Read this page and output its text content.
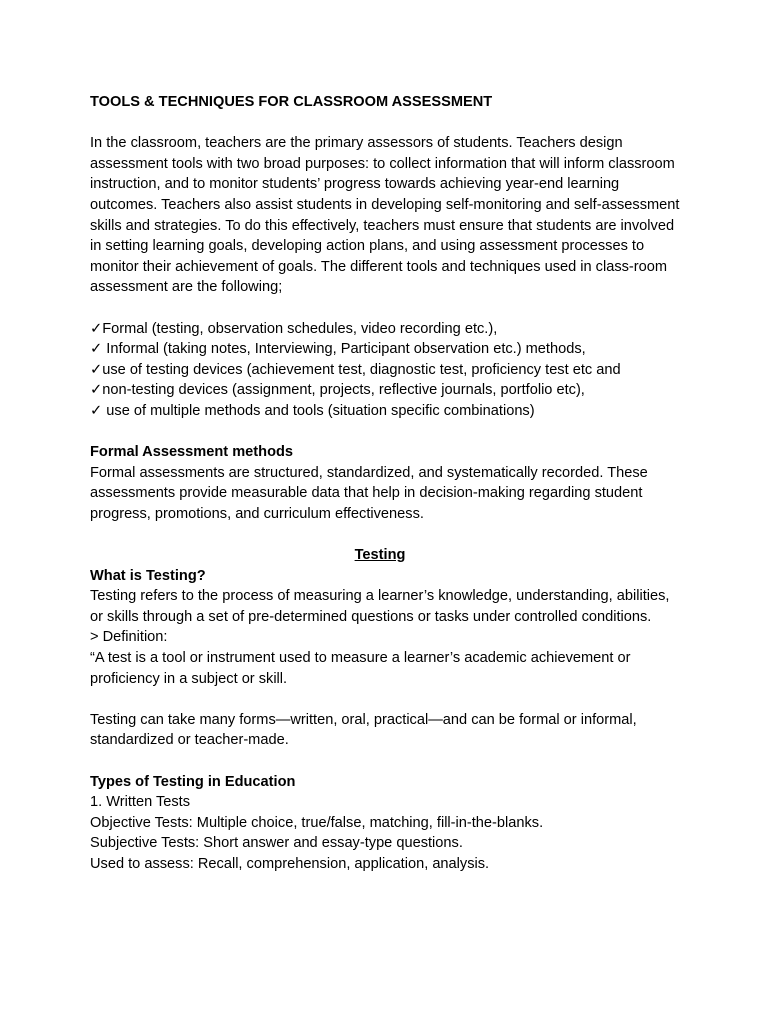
TOOLS & TECHNIQUES FOR CLASSROOM ASSESSMENT

In the classroom, teachers are the primary assessors of students. Teachers design assessment tools with two broad purposes: to collect information that will inform classroom instruction, and to monitor students’ progress towards achieving year-end learning outcomes. Teachers also assist students in developing self-monitoring and self-assessment skills and strategies. To do this effectively, teachers must ensure that students are involved in setting learning goals, developing action plans, and using assessment processes to monitor their achievement of goals. The different tools and techniques used in class-room assessment are the following;

✓Formal (testing, observation schedules, video recording etc.),
✓ Informal (taking notes, Interviewing, Participant observation etc.) methods,
✓use of testing devices (achievement test, diagnostic test, proficiency test etc and
✓non-testing devices (assignment, projects, reflective journals, portfolio etc),
✓ use of multiple methods and tools (situation specific combinations)

Formal Assessment methods

Formal assessments are structured, standardized, and systematically recorded. These assessments provide measurable data that help in decision-making regarding student progress, promotions, and curriculum effectiveness.

Testing

What is Testing?

Testing refers to the process of measuring a learner’s knowledge, understanding, abilities, or skills through a set of pre-determined questions or tasks under controlled conditions.

> Definition:

“A test is a tool or instrument used to measure a learner’s academic achievement or proficiency in a subject or skill.

Testing can take many forms—written, oral, practical—and can be formal or informal, standardized or teacher-made.

Types of Testing in Education

1. Written Tests

Objective Tests: Multiple choice, true/false, matching, fill-in-the-blanks.

Subjective Tests: Short answer and essay-type questions.

Used to assess: Recall, comprehension, application, analysis.
